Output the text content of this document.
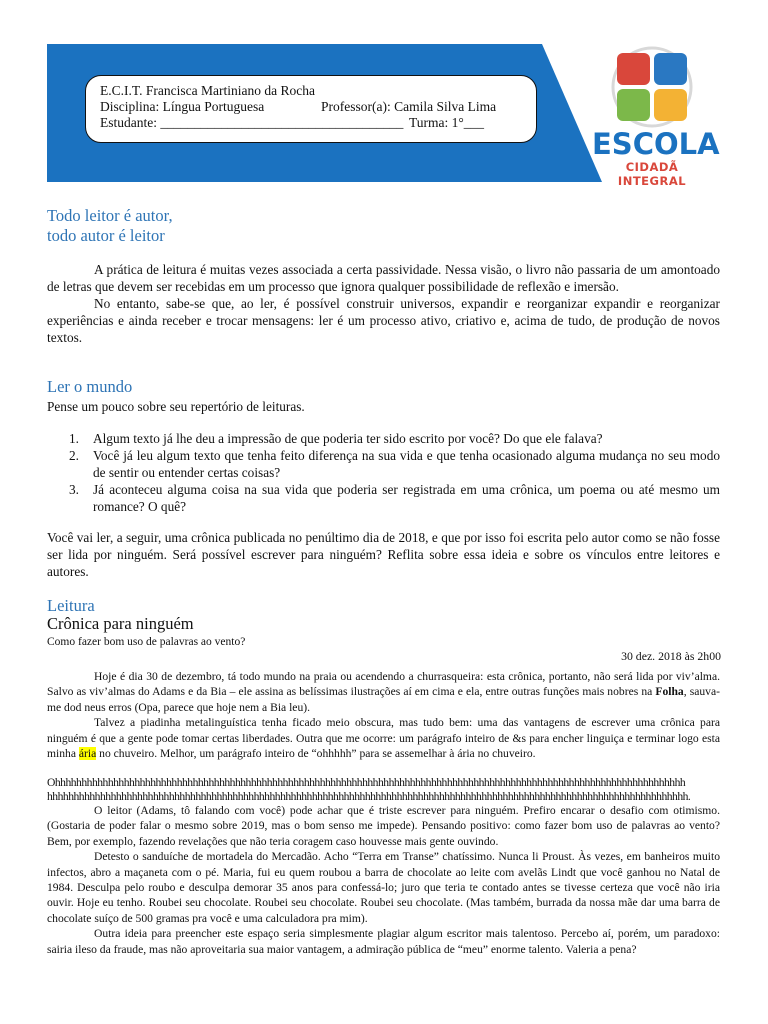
E.C.I.T. Francisca Martiniano da Rocha
Disciplina: Língua Portuguesa	Professor(a): Camila Silva Lima
Estudante: ____________________________________ Turma: 1°___
ESCOLA
CIDADÃ INTEGRAL
Todo leitor é autor,
todo autor é leitor
A prática de leitura é muitas vezes associada a certa passividade. Nessa visão, o livro não passaria de um amontoado de letras que devem ser recebidas em um processo que ignora qualquer possibilidade de reflexão e imersão.
No entanto, sabe-se que, ao ler, é possível construir universos, expandir e reorganizar expandir e reorganizar experiências e ainda receber e trocar mensagens: ler é um processo ativo, criativo e, acima de tudo, de produção de novos textos.
Ler o mundo
Pense um pouco sobre seu repertório de leituras.
1. Algum texto já lhe deu a impressão de que poderia ter sido escrito por você? Do que ele falava?
2. Você já leu algum texto que tenha feito diferença na sua vida e que tenha ocasionado alguma mudança no seu modo de sentir ou entender certas coisas?
3. Já aconteceu alguma coisa na sua vida que poderia ser registrada em uma crônica, um poema ou até mesmo um romance? O quê?
Você vai ler, a seguir, uma crônica publicada no penúltimo dia de 2018, e que por isso foi escrita pelo autor como se não fosse ser lida por ninguém. Será possível escrever para ninguém? Reflita sobre essa ideia e sobre os vínculos entre leitores e autores.
Leitura
Crônica para ninguém
Como fazer bom uso de palavras ao vento?
30 dez. 2018 às 2h00
Hoje é dia 30 de dezembro, tá todo mundo na praia ou acendendo a churrasqueira: esta crônica, portanto, não será lida por viv’alma. Salvo as viv’almas do Adams e da Bia – ele assina as belíssimas ilustrações aí em cima e ela, entre outras funções mais nobres na Folha, sauva-me dod neus erros (Opa, parece que hoje nem a Bia leu).
Talvez a piadinha metalinguística tenha ficado meio obscura, mas tudo bem: uma das vantagens de escrever uma crônica para ninguém é que a gente pode tomar certas liberdades. Outra que me ocorre: um parágrafo inteiro de &s para encher linguiça e terminar logo esta minha ária no chuveiro. Melhor, um parágrafo inteiro de “ohhhhh” para se assemelhar à ária no chuveiro.
Ohhhhhhhhhhhhhhhhhhhhhhhhhhhhhhhhhhhhhhhhhhhhhhhhhhhhhhhhhhhhhhhhhhhhhhhhhhhhhhhhhhhhhhhhhhhhhhhhhhhhhhhhhhhhhhhhhhhhhhh
hhhhhhhhhhhhhhhhhhhhhhhhhhhhhhhhhhhhhhhhhhhhhhhhhhhhhhhhhhhhhhhhhhhhhhhhhhhhhhhhhhhhhhhhhhhhhhhhhhhhhhhhhhhhhhhhhhhhhhhhh.
O leitor (Adams, tô falando com você) pode achar que é triste escrever para ninguém. Prefiro encarar o desafio com otimismo. (Gostaria de poder falar o mesmo sobre 2019, mas o bom senso me impede). Pensando positivo: como fazer bom uso de palavras ao vento? Bem, por exemplo, fazendo revelações que não teria coragem caso houvesse mais gente ouvindo.
Detesto o sanduíche de mortadela do Mercadão. Acho “Terra em Transe” chatíssimo. Nunca li Proust. Às vezes, em banheiros muito infectos, abro a maçaneta com o pé. Maria, fui eu quem roubou a barra de chocolate ao leite com avelãs Lindt que você ganhou no Natal de 1984. Desculpa pelo roubo e desculpa demorar 35 anos para confessá-lo; juro que teria te contado antes se tivesse certeza que você não iria ouvir. Hoje eu tenho. Roubei seu chocolate. Roubei seu chocolate. Roubei seu chocolate. (Mas também, burrada da nossa mãe dar uma barra de chocolate suíço de 500 gramas pra você e uma calculadora pra mim).
Outra ideia para preencher este espaço seria simplesmente plagiar algum escritor mais talentoso. Percebo aí, porém, um paradoxo: sairia ileso da fraude, mas não aproveitaria sua maior vantagem, a admiração pública de “meu” enorme talento. Valeria a pena?
